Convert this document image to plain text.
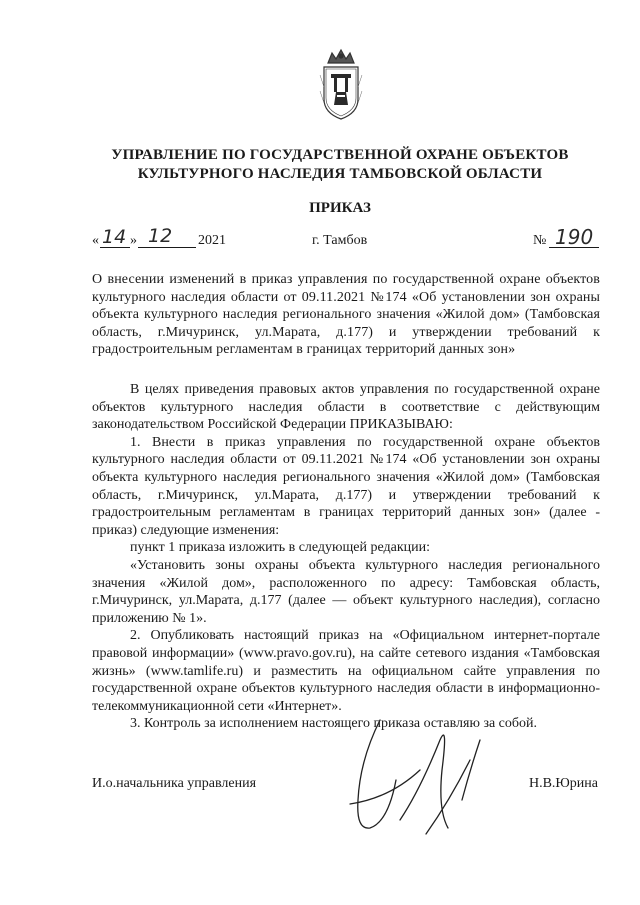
УПРАВЛЕНИЕ ПО ГОСУДАРСТВЕННОЙ ОХРАНЕ ОБЪЕКТОВ
КУЛЬТУРНОГО НАСЛЕДИЯ ТАМБОВСКОЙ ОБЛАСТИ
ПРИКАЗ
« 14 » 12 2021	г. Тамбов	№ 190
О внесении изменений в приказ управления по государственной охране объектов культурного наследия области от 09.11.2021 №174 «Об установлении зон охраны объекта культурного наследия регионального значения «Жилой дом» (Тамбовская область, г.Мичуринск, ул.Марата, д.177) и утверждении требований к градостроительным регламентам в границах территорий данных зон»

В целях приведения правовых актов управления по государственной охране объектов культурного наследия области в соответствие с действующим законодательством Российской Федерации ПРИКАЗЫВАЮ:

1. Внести в приказ управления по государственной охране объектов культурного наследия области от 09.11.2021 №174 «Об установлении зон охраны объекта культурного наследия регионального значения «Жилой дом» (Тамбовская область, г.Мичуринск, ул.Марата, д.177) и утверждении требований к градостроительным регламентам в границах территорий данных зон» (далее - приказ) следующие изменения:

пункт 1 приказа изложить в следующей редакции:

«Установить зоны охраны объекта культурного наследия регионального значения «Жилой дом», расположенного по адресу: Тамбовская область, г.Мичуринск, ул.Марата, д.177 (далее — объект культурного наследия), согласно приложению № 1».

2. Опубликовать настоящий приказ на «Официальном интернет-портале правовой информации» (www.pravo.gov.ru), на сайте сетевого издания «Тамбовская жизнь» (www.tamlife.ru) и разместить на официальном сайте управления по государственной охране объектов культурного наследия области в информационно-телекоммуникационной сети «Интернет».

3. Контроль за исполнением настоящего приказа оставляю за собой.

И.о.начальника управления	Н.В.Юрина
